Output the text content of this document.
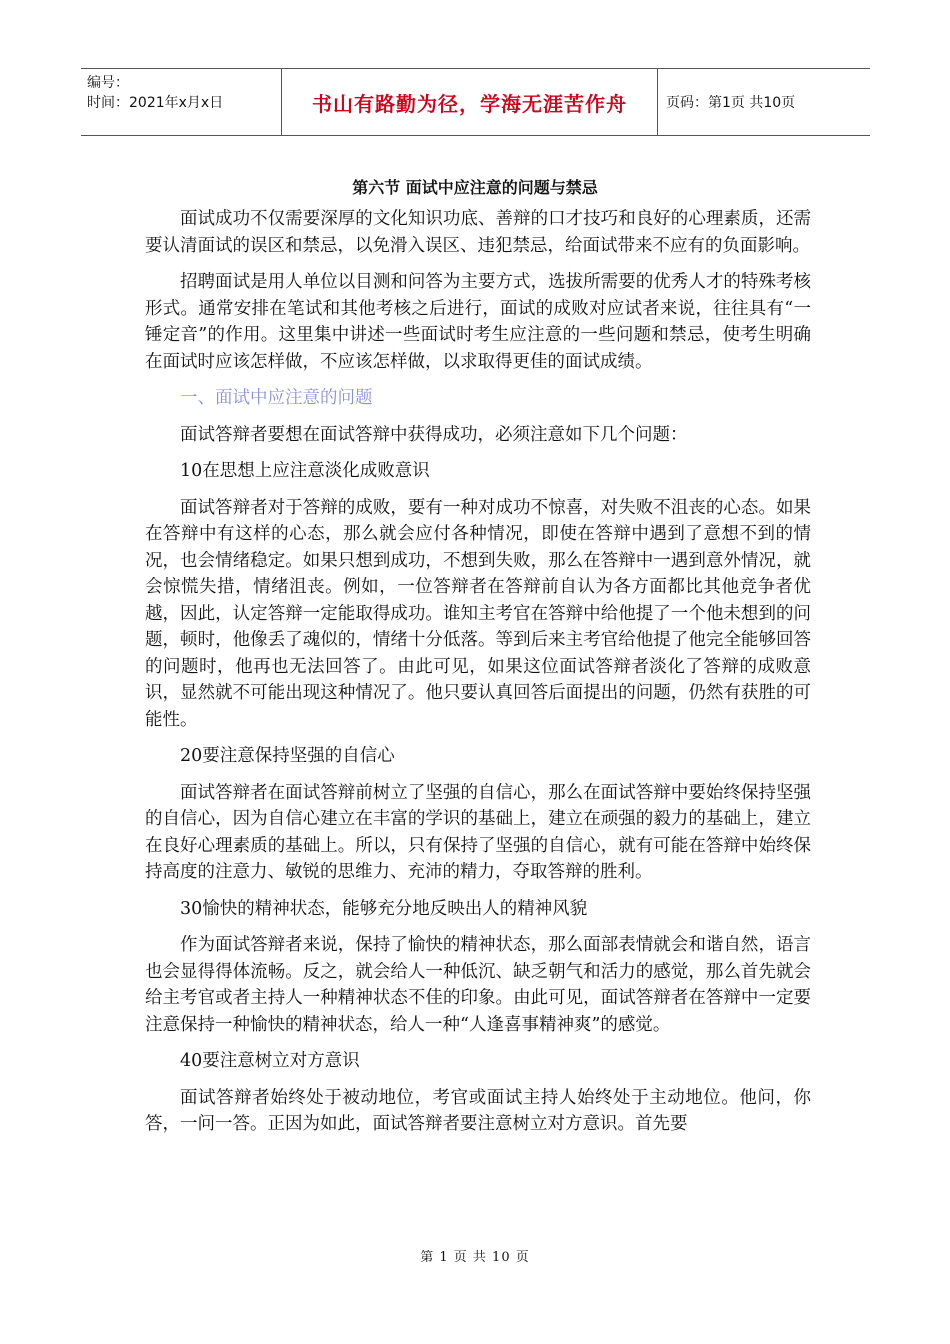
编号：
时间：2021年x月x日	书山有路勤为径，学海无涯苦作舟	页码：第1页 共10页
第六节 面试中应注意的问题与禁忌

面试成功不仅需要深厚的文化知识功底、善辩的口才技巧和良好的心理素质，还需要认清面试的误区和禁忌，以免滑入误区、违犯禁忌，给面试带来不应有的负面影响。

招聘面试是用人单位以目测和问答为主要方式，选拔所需要的优秀人才的特殊考核形式。通常安排在笔试和其他考核之后进行，面试的成败对应试者来说，往往具有“一锤定音”的作用。这里集中讲述一些面试时考生应注意的一些问题和禁忌，使考生明确在面试时应该怎样做，不应该怎样做，以求取得更佳的面试成绩。

一、面试中应注意的问题

面试答辩者要想在面试答辩中获得成功，必须注意如下几个问题：

10在思想上应注意淡化成败意识

面试答辩者对于答辩的成败，要有一种对成功不惊喜，对失败不沮丧的心态。如果在答辩中有这样的心态，那么就会应付各种情况，即使在答辩中遇到了意想不到的情况，也会情绪稳定。如果只想到成功，不想到失败，那么在答辩中一遇到意外情况，就会惊慌失措，情绪沮丧。例如，一位答辩者在答辩前自认为各方面都比其他竞争者优越，因此，认定答辩一定能取得成功。谁知主考官在答辩中给他提了一个他未想到的问题，顿时，他像丢了魂似的，情绪十分低落。等到后来主考官给他提了他完全能够回答的问题时，他再也无法回答了。由此可见，如果这位面试答辩者淡化了答辩的成败意识，显然就不可能出现这种情况了。他只要认真回答后面提出的问题，仍然有获胜的可能性。

20要注意保持坚强的自信心

面试答辩者在面试答辩前树立了坚强的自信心，那么在面试答辩中要始终保持坚强的自信心，因为自信心建立在丰富的学识的基础上，建立在顽强的毅力的基础上，建立在良好心理素质的基础上。所以，只有保持了坚强的自信心，就有可能在答辩中始终保持高度的注意力、敏锐的思维力、充沛的精力，夺取答辩的胜利。

30愉快的精神状态，能够充分地反映出人的精神风貌

作为面试答辩者来说，保持了愉快的精神状态，那么面部表情就会和谐自然，语言也会显得得体流畅。反之，就会给人一种低沉、缺乏朝气和活力的感觉，那么首先就会给主考官或者主持人一种精神状态不佳的印象。由此可见，面试答辩者在答辩中一定要注意保持一种愉快的精神状态，给人一种“人逢喜事精神爽”的感觉。

40要注意树立对方意识

面试答辩者始终处于被动地位，考官或面试主持人始终处于主动地位。他问，你答，一问一答。正因为如此，面试答辩者要注意树立对方意识。首先要

第 1 页 共 10 页
